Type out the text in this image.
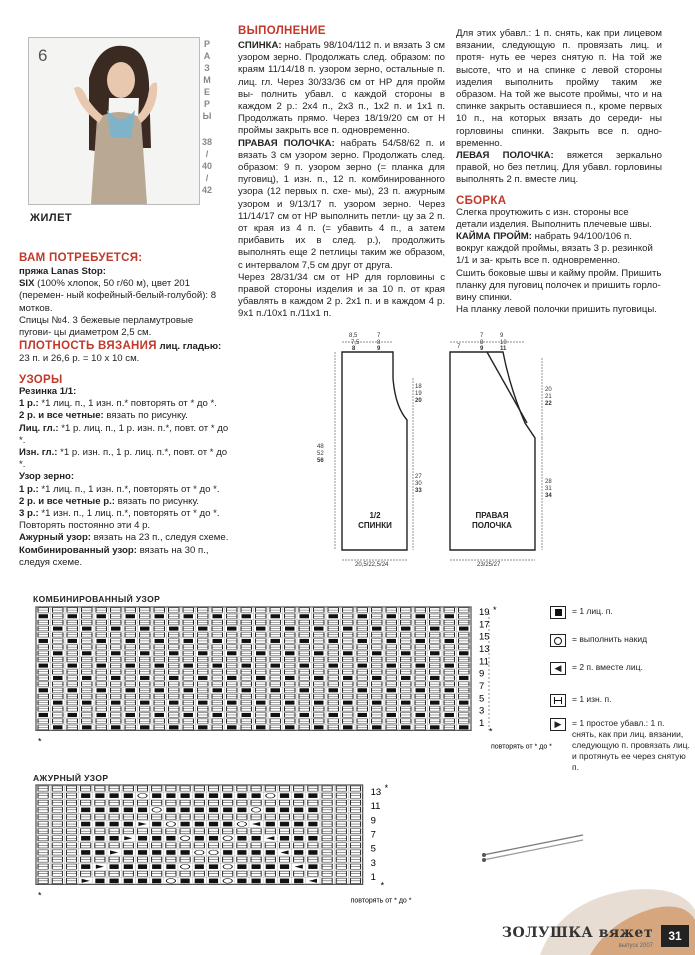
6
Р
А
З
М
Е
Р
Ы
38
/
40
/
42
ЖИЛЕТ
ВАМ ПОТРЕБУЕТСЯ:
пряжа Lanas Stop:
SIX (100% хлопок, 50 г/60 м), цвет 201 (перемен- ный кофейный-белый-голубой): 8 мотков.
Спицы №4. 3 бежевые перламутровые пугови- цы диаметром 2,5 см.
ПЛОТНОСТЬ ВЯЗАНИЯ лиц. гладью: 23 п. и 26,6 р. = 10 х 10 см.
УЗОРЫ
Резинка 1/1:
1 р.: *1 лиц. п., 1 изн. п.* повторять от * до *.
2 р. и все четные: вязать по рисунку.
Лиц. гл.: *1 р. лиц. п., 1 р. изн. п.*, повт. от * до *.
Изн. гл.: *1 р. изн. п., 1 р. лиц. п.*, повт. от * до *.
Узор зерно:
1 р.: *1 лиц. п., 1 изн. п.*, повторять от * до *.
2 р. и все четные р.: вязать по рисунку.
3 р.: *1 изн. п., 1 лиц. п.*, повторять от * до *.
Повторять постоянно эти 4 р.
Ажурный узор: вязать на 23 п., следуя схеме.
Комбинированный узор: вязать на 30 п., следуя схеме.
ВЫПОЛНЕНИЕ
СПИНКА: набрать 98/104/112 п. и вязать 3 см узором зерно. Продолжать след. образом: по краям 11/14/18 п. узором зерно, остальные п. лиц. гл. Через 30/33/36 см от НР для пройм вы- полнить убавл. с каждой стороны в каждом 2 р.: 2х4 п., 2х3 п., 1х2 п. и 1х1 п. Продолжать прямо. Через 18/19/20 см от Н проймы закрыть все п. одновременно.
ПРАВАЯ ПОЛОЧКА: набрать 54/58/62 п. и вязать 3 см узором зерно. Продолжать след. образом: 9 п. узором зерно (= планка для пуговиц), 1 изн. п., 12 п. комбинированного узора (12 первых п. схе- мы), 23 п. ажурным узором и 9/13/17 п. узором зерно. Через 11/14/17 см от НР выполнить петли- цу за 2 п. от края из 4 п. (= убавить 4 п., а затем прибавить их в след. р.), продолжить выполнять еще 2 петлицы таким же образом, с интервалом 7,5 см друг от друга.
Через 28/31/34 см от НР для горловины с правой стороны изделия и за 10 п. от края убавлять в каждом 2 р. 2х1 п. и в каждом 4 р. 9х1 п./10х1 п./11х1 п.
Для этих убавл.: 1 п. снять, как при лицевом вязании, следующую п. провязать лиц. и протя- нуть ее через снятую п. На той же высоте, что и на спинке с левой стороны изделия выполнить пройму таким же образом. На той же высоте проймы, что и на спинке закрыть оставшиеся п., кроме первых 10 п., на которых вязать до середи- ны горловины спинки. Закрыть все п. одно- временно.
ЛЕВАЯ ПОЛОЧКА: вяжется зеркально правой, но без петлиц. Для убавл. горловины выполнять 2 п. вместе лиц.
СБОРКА
Слегка проутюжить с изн. стороны все детали изделия. Выполнить плечевые швы.
КАЙМА ПРОЙМ: набрать 94/100/106 п. вокруг каждой проймы, вязать 3 р. резинкой 1/1 и за- крыть все п. одновременно.
Сшить боковые швы и кайму пройм. Пришить планку для пуговиц полочек и пришить горло- вину спинки.
На планку левой полочки пришить пуговицы.
8,5
7,5
8
7
8
9
18
19
20
27
30
33
48
52
56
7
7
8
9
9
10
11
20
21
22
28
31
34
20,5/22,5/24	23/25/27
1/2
СПИНКИ
ПРАВАЯ
ПОЛОЧКА
КОМБИНИРОВАННЫЙ УЗОР
19
17
15
13
11
9
7
5
3
1
*
*
повторять от * до *
*
АЖУРНЫЙ УЗОР
13
11
9
7
5
3
1
*
*
повторять от * до *
*
= 1 лиц. п.
= выполнить накид
◀	= 2 п. вместе лиц.
= 1 изн. п.
▶	= 1 простое убавл.: 1 п. снять, как при лиц. вязании, следующую п. провязать лиц. и протянуть ее через снятую п.
ЗОЛУШКА вяжет
выпуск 2007
31
